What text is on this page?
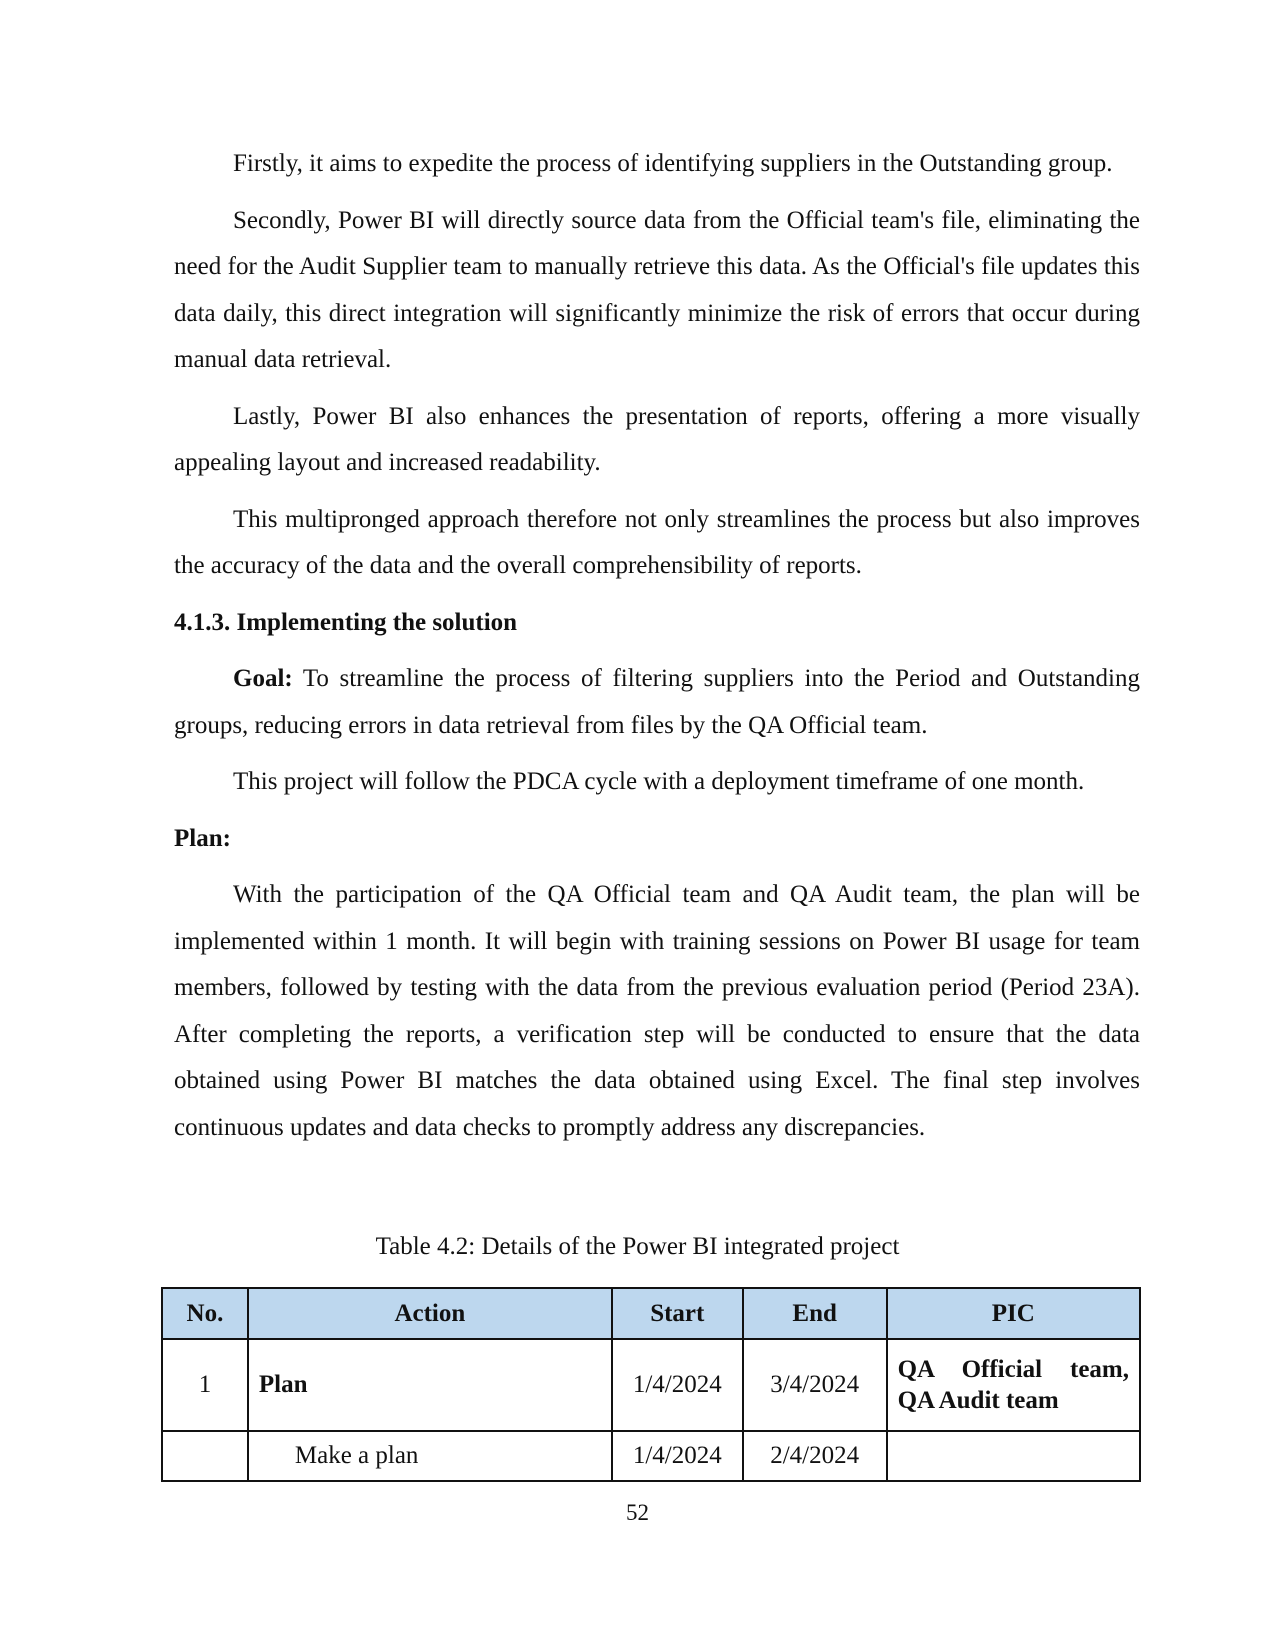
Firstly, it aims to expedite the process of identifying suppliers in the Outstanding group.

Secondly, Power BI will directly source data from the Official team's file, eliminating the need for the Audit Supplier team to manually retrieve this data. As the Official's file updates this data daily, this direct integration will significantly minimize the risk of errors that occur during manual data retrieval.

Lastly, Power BI also enhances the presentation of reports, offering a more visually appealing layout and increased readability.

This multipronged approach therefore not only streamlines the process but also improves the accuracy of the data and the overall comprehensibility of reports.

4.1.3. Implementing the solution

Goal: To streamline the process of filtering suppliers into the Period and Outstanding groups, reducing errors in data retrieval from files by the QA Official team.

This project will follow the PDCA cycle with a deployment timeframe of one month.

Plan:

With the participation of the QA Official team and QA Audit team, the plan will be implemented within 1 month. It will begin with training sessions on Power BI usage for team members, followed by testing with the data from the previous evaluation period (Period 23A). After completing the reports, a verification step will be conducted to ensure that the data obtained using Power BI matches the data obtained using Excel. The final step involves continuous updates and data checks to promptly address any discrepancies.

Table 4.2: Details of the Power BI integrated project
No.	Action	Start	End	PIC
1	Plan	1/4/2024	3/4/2024	QA Official team,
QA Audit team

	Make a plan	1/4/2024	2/4/2024	
52
